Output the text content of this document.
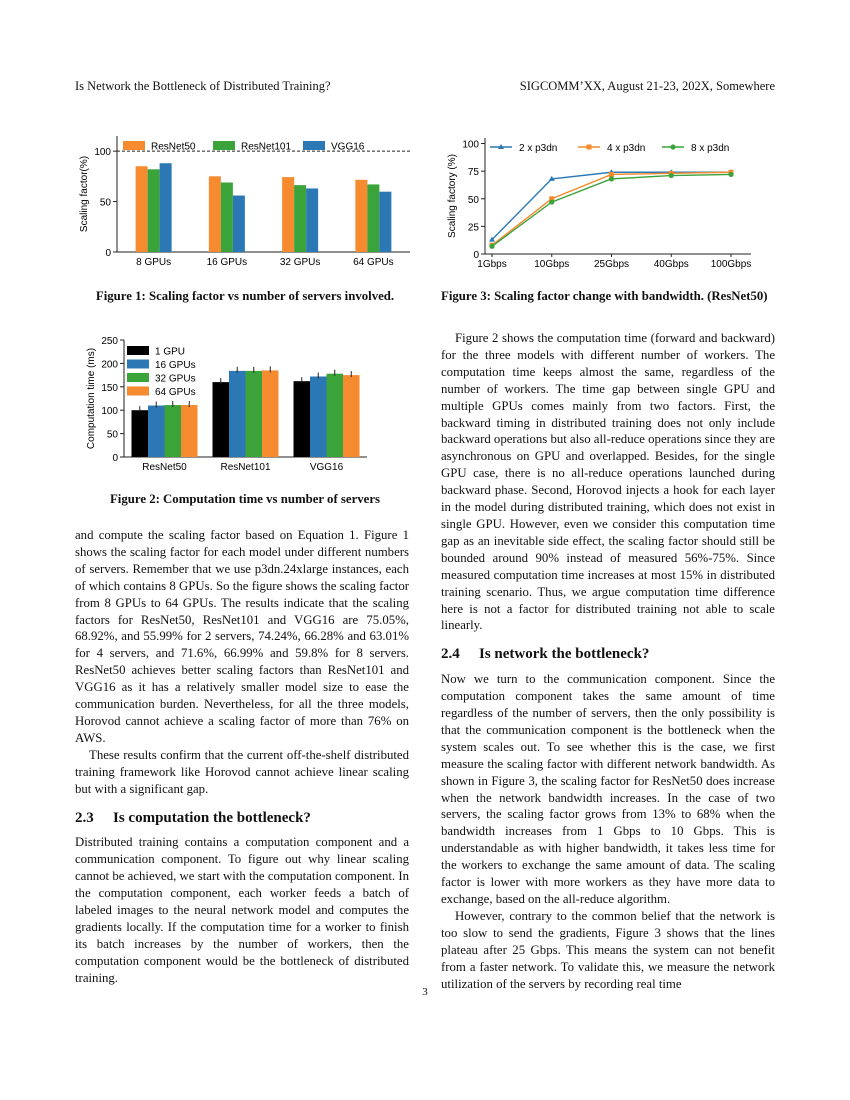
Is Network the Bottleneck of Distributed Training?	SIGCOMM’XX, August 21-23, 202X, Somewhere
0
50
100
Scaling factor(%)
8 GPUs	16 GPUs	32 GPUs	64 GPUs
ResNet50	ResNet101	VGG16
Figure 1: Scaling factor vs number of servers involved.
0
50
100
150
200
250
Computation time (ms)
ResNet50	ResNet101	VGG16
1 GPU
16 GPUs
32 GPUs
64 GPUs
Figure 2: Computation time vs number of servers
0
25
50
75
100
Scaling factory (%)
1Gbps	10Gbps 25Gbps 40Gbps 100Gbps
2 x p3dn	4 x p3dn	8 x p3dn
Figure 3: Scaling factor change with bandwidth. (ResNet50)

and compute the scaling factor based on Equation 1. Figure 1 shows the scaling factor for each model under different numbers of servers. Remember that we use p3dn.24xlarge instances, each of which contains 8 GPUs. So the figure shows the scaling factor from 8 GPUs to 64 GPUs. The results indicate that the scaling factors for ResNet50, ResNet101 and VGG16 are 75.05%, 68.92%, and 55.99% for 2 servers, 74.24%, 66.28% and 63.01% for 4 servers, and 71.6%, 66.99% and 59.8% for 8 servers. ResNet50 achieves better scaling factors than ResNet101 and VGG16 as it has a relatively smaller model size to ease the communication burden. Nevertheless, for all the three models, Horovod cannot achieve a scaling factor of more than 76% on AWS.

These results confirm that the current off-the-shelf distributed training framework like Horovod cannot achieve linear scaling but with a significant gap.

2.3 Is computation the bottleneck?

Distributed training contains a computation component and a communication component. To figure out why linear scaling cannot be achieved, we start with the computation component. In the computation component, each worker feeds a batch of labeled images to the neural network model and computes the gradients locally. If the computation time for a worker to finish its batch increases by the number of workers, then the computation component would be the bottleneck of distributed training.

Figure 2 shows the computation time (forward and backward) for the three models with different number of workers. The computation time keeps almost the same, regardless of the number of workers. The time gap between single GPU and multiple GPUs comes mainly from two factors. First, the backward timing in distributed training does not only include backward operations but also all-reduce operations since they are asynchronous on GPU and overlapped. Besides, for the single GPU case, there is no all-reduce operations launched during backward phase. Second, Horovod injects a hook for each layer in the model during distributed training, which does not exist in single GPU. However, even we consider this computation time gap as an inevitable side effect, the scaling factor should still be bounded around 90% instead of measured 56%-75%. Since measured computation time increases at most 15% in distributed training scenario. Thus, we argue computation time difference here is not a factor for distributed training not able to scale linearly.

2.4 Is network the bottleneck?

Now we turn to the communication component. Since the computation component takes the same amount of time regardless of the number of servers, then the only possibility is that the communication component is the bottleneck when the system scales out. To see whether this is the case, we first measure the scaling factor with different network bandwidth. As shown in Figure 3, the scaling factor for ResNet50 does increase when the network bandwidth increases. In the case of two servers, the scaling factor grows from 13% to 68% when the bandwidth increases from 1 Gbps to 10 Gbps. This is understandable as with higher bandwidth, it takes less time for the workers to exchange the same amount of data. The scaling factor is lower with more workers as they have more data to exchange, based on the all-reduce algorithm.

However, contrary to the common belief that the network is too slow to send the gradients, Figure 3 shows that the lines plateau after 25 Gbps. This means the system can not benefit from a faster network. To validate this, we measure the network utilization of the servers by recording real time

3
